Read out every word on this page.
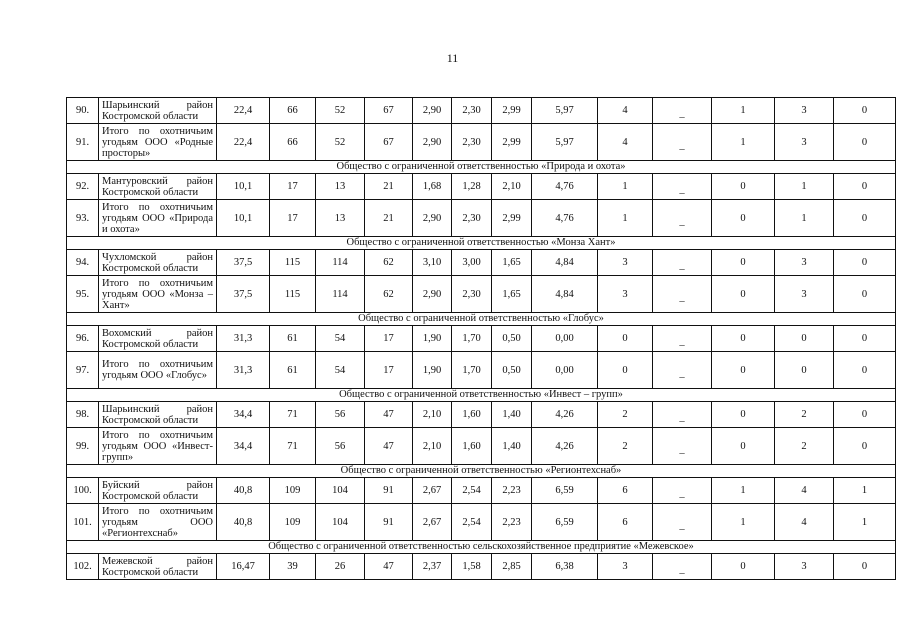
11
90.	Шарьинский район Костромской области	22,4	66	52	67	2,90	2,30	2,99	5,97	4	_	1	3	0
91.	Итого по охотничьим угодьям ООО «Родные просторы»	22,4	66	52	67	2,90	2,30	2,99	5,97	4	_	1	3	0
Общество с ограниченной ответственностью «Природа и охота»														
92.	Мантуровский район Костромской области	10,1	17	13	21	1,68	1,28	2,10	4,76	1	_	0	1	0
93.	Итого по охотничьим угодьям ООО «Природа и охота»	10,1	17	13	21	2,90	2,30	2,99	4,76	1	_	0	1	0
Общество с ограниченной ответственностью «Монза Хант»														
94.	Чухломской район Костромской области	37,5	115	114	62	3,10	3,00	1,65	4,84	3	_	0	3	0
95.	Итого по охотничьим угодьям ООО «Монза – Хант»	37,5	115	114	62	2,90	2,30	1,65	4,84	3	_	0	3	0
Общество с ограниченной ответственностью «Глобус»														
96.	Вохомский район Костромской области	31,3	61	54	17	1,90	1,70	0,50	0,00	0	_	0	0	0
97.	Итого по охотничьим угодьям ООО «Глобус»	31,3	61	54	17	1,90	1,70	0,50	0,00	0	_	0	0	0
Общество с ограниченной ответственностью «Инвест – групп»														
98.	Шарьинский район Костромской области	34,4	71	56	47	2,10	1,60	1,40	4,26	2	_	0	2	0
99.	Итого по охотничьим угодьям ООО «Инвест-групп»	34,4	71	56	47	2,10	1,60	1,40	4,26	2	_	0	2	0
Общество с ограниченной ответственностью «Регионтехснаб»														
100.	Буйский район Костромской области	40,8	109	104	91	2,67	2,54	2,23	6,59	6	_	1	4	1
101.	Итого по охотничьим угодьям ООО «Регионтехснаб»	40,8	109	104	91	2,67	2,54	2,23	6,59	6	_	1	4	1
Общество с ограниченной ответственностью сельскохозяйственное предприятие «Межевское»														
102.	Межевской район Костромской области	16,47	39	26	47	2,37	1,58	2,85	6,38	3	_	0	3	0
